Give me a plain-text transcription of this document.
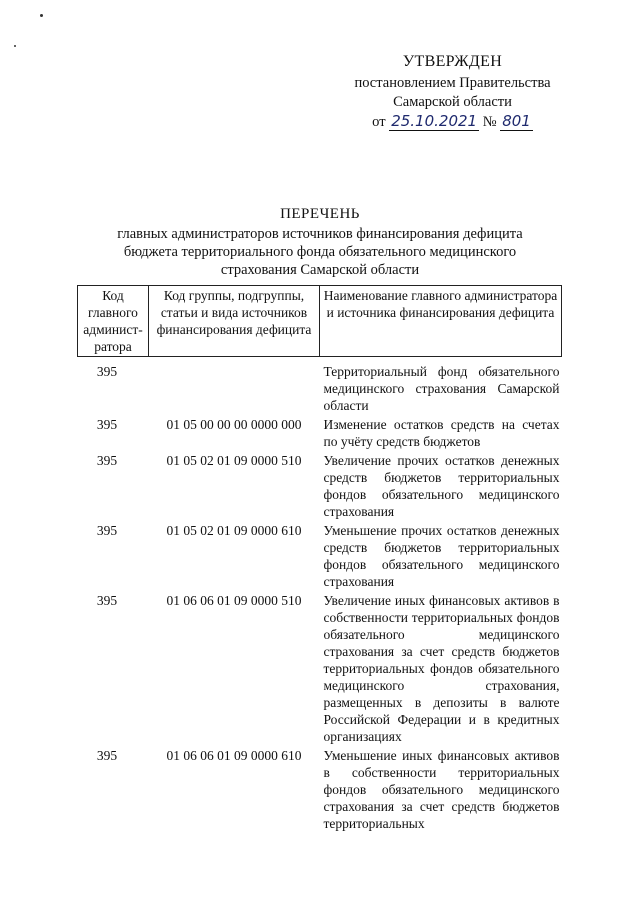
УТВЕРЖДЕН
постановлением Правительства
Самарской области
от 25.10.2021 № 801
ПЕРЕЧЕНЬ
главных администраторов источников финансирования дефицита
бюджета территориального фонда обязательного медицинского
страхования Самарской области
Код главного админист-ратора	Код группы, подгруппы, статьи и вида источников финансирования дефицита	Наименование главного администратора и источника финансирования дефицита
395		Территориальный фонд обязательного медицинского страхования Самарской области
395	01 05 00 00 00 0000 000	Изменение остатков средств на счетах по учёту средств бюджетов
395	01 05 02 01 09 0000 510	Увеличение прочих остатков денежных средств бюджетов территориальных фондов обязательного медицинского страхования
395	01 05 02 01 09 0000 610	Уменьшение прочих остатков денежных средств бюджетов территориальных фондов обязательного медицинского страхования
395	01 06 06 01 09 0000 510	Увеличение иных финансовых активов в собственности территориальных фондов обязательного медицинского страхования за счет средств бюджетов территориальных фондов обязательного медицинского страхования, размещенных в депозиты в валюте Российской Федерации и в кредитных организациях
395	01 06 06 01 09 0000 610	Уменьшение иных финансовых активов в собственности территориальных фондов обязательного медицинского страхования за счет средств бюджетов территориальных
